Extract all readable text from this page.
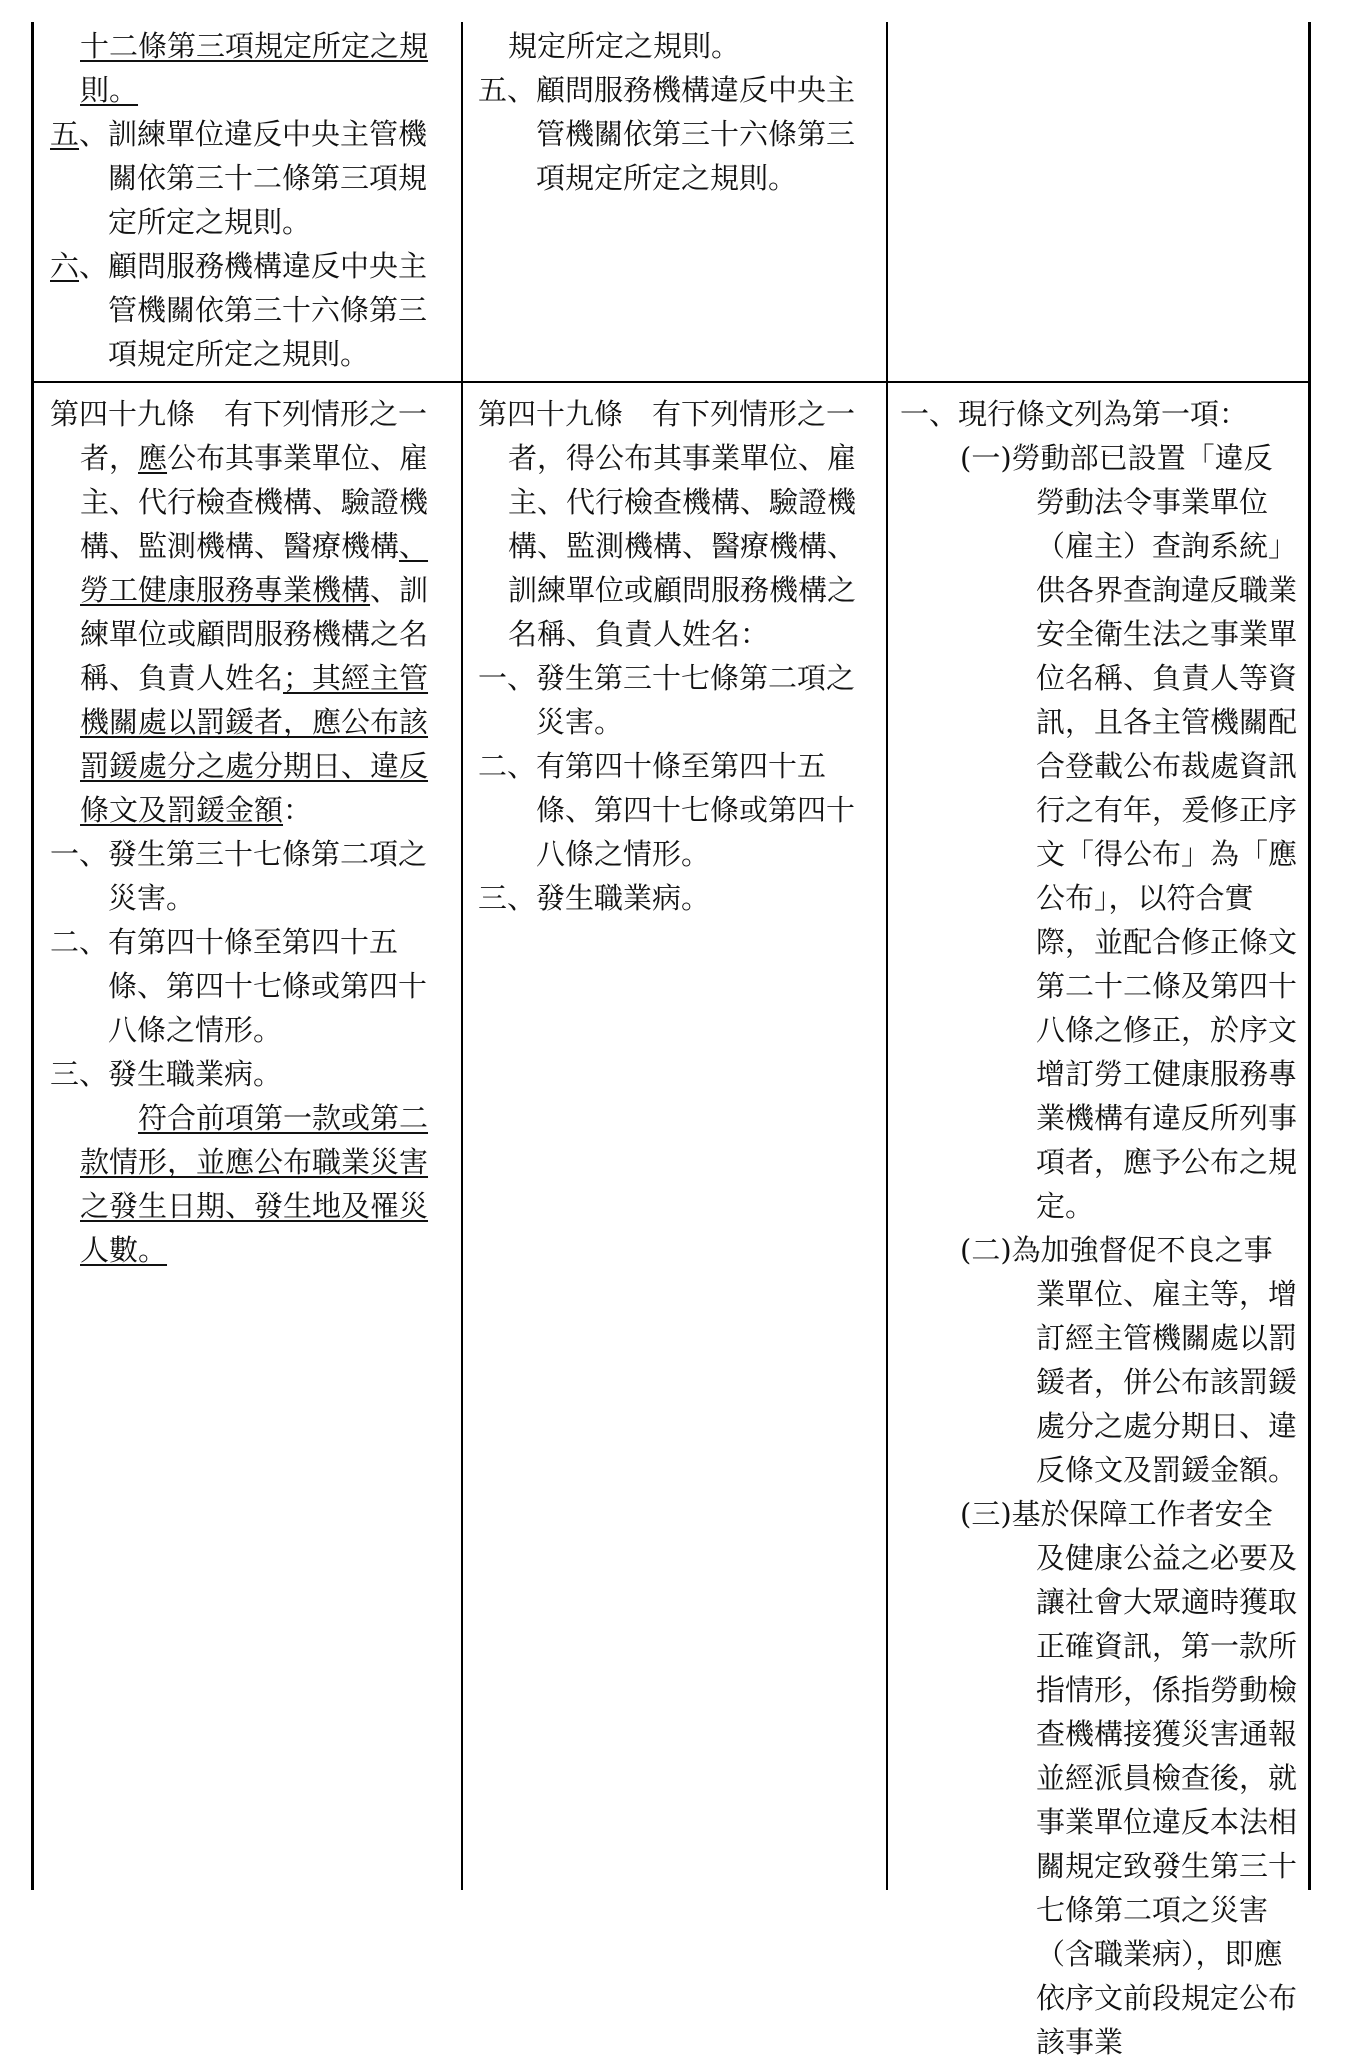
十二條第三項規定所定之規則。

五、訓練單位違反中央主管機關依第三十二條第三項規定所定之規則。

六、顧問服務機構違反中央主管機關依第三十六條第三項規定所定之規則。

規定所定之規則。

五、顧問服務機構違反中央主管機關依第三十六條第三項規定所定之規則。

第四十九條　有下列情形之一者，應公布其事業單位、雇主、代行檢查機構、驗證機構、監測機構、醫療機構、勞工健康服務專業機構、訓練單位或顧問服務機構之名稱、負責人姓名；其經主管機關處以罰鍰者，應公布該罰鍰處分之處分期日、違反條文及罰鍰金額：

一、發生第三十七條第二項之災害。

二、有第四十條至第四十五條、第四十七條或第四十八條之情形。

三、發生職業病。

符合前項第一款或第二款情形，並應公布職業災害之發生日期、發生地及罹災人數。

第四十九條　有下列情形之一者，得公布其事業單位、雇主、代行檢查機構、驗證機構、監測機構、醫療機構、訓練單位或顧問服務機構之名稱、負責人姓名：

一、發生第三十七條第二項之災害。

二、有第四十條至第四十五條、第四十七條或第四十八條之情形。

三、發生職業病。

一、現行條文列為第一項：

(一)勞動部已設置「違反勞動法令事業單位（雇主）查詢系統」供各界查詢違反職業安全衛生法之事業單位名稱、負責人等資訊，且各主管機關配合登載公布裁處資訊行之有年，爰修正序文「得公布」為「應公布」，以符合實際，並配合修正條文第二十二條及第四十八條之修正，於序文增訂勞工健康服務專業機構有違反所列事項者，應予公布之規定。

(二)為加強督促不良之事業單位、雇主等，增訂經主管機關處以罰鍰者，併公布該罰鍰處分之處分期日、違反條文及罰鍰金額。

(三)基於保障工作者安全及健康公益之必要及讓社會大眾適時獲取正確資訊，第一款所指情形，係指勞動檢查機構接獲災害通報並經派員檢查後，就事業單位違反本法相關規定致發生第三十七條第二項之災害（含職業病），即應依序文前段規定公布該事業
